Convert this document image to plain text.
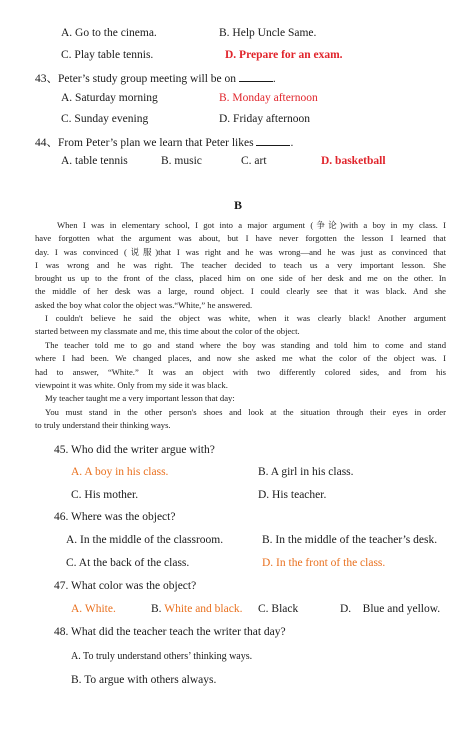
A. Go to the cinema.	B. Help Uncle Same.
C. Play table tennis.	D. Prepare for an exam.
43、Peter’s study group meeting will be on	.
A. Saturday morning	B. Monday afternoon
C. Sunday evening	D. Friday afternoon
44、From Peter’s plan we learn that Peter likes	.
A. table tennis	B. music	C. art	D. basketball
B
When I was in elementary school, I got into a major argument (争论)with a boy in my class. I
have forgotten what the argument was about, but I have never forgotten the lesson I learned that
day. I was convinced (说服)that I was right and he was wrong—and he was just as convinced that
I was wrong and he was right. The teacher decided to teach us a very important lesson. She
brought us up to the front of the class, placed him on one side of her desk and me on the other. In
the middle of her desk was a large, round object. I could clearly see that it was black. And she
asked the boy what color the object was.“White,” he answered.
I couldn't believe he said the object was white, when it was clearly black! Another argument
started between my classmate and me, this time about the color of the object.
The teacher told me to go and stand where the boy was standing and told him to come and stand
where I had been. We changed places, and now she asked me what the color of the object was. I
had to answer, “White.” It was an object with two differently colored sides, and from his
viewpoint it was white. Only from my side it was black.
My teacher taught me a very important lesson that day:
You must stand in the other person's shoes and look at the situation through their eyes in order
to truly understand their thinking ways.
45. Who did the writer argue with?
A. A boy in his class.	B. A girl in his class.
C. His mother.	D. His teacher.
46. Where was the object?
A. In the middle of the classroom.	B. In the middle of the teacher’s desk.
C. At the back of the class.	D. In the front of the class.
47. What color was the object?
A. White.	B. White and black. C. Black	D.    Blue and yellow.
48. What did the teacher teach the writer that day?
A. To truly understand others’ thinking ways.
B. To argue with others always.
